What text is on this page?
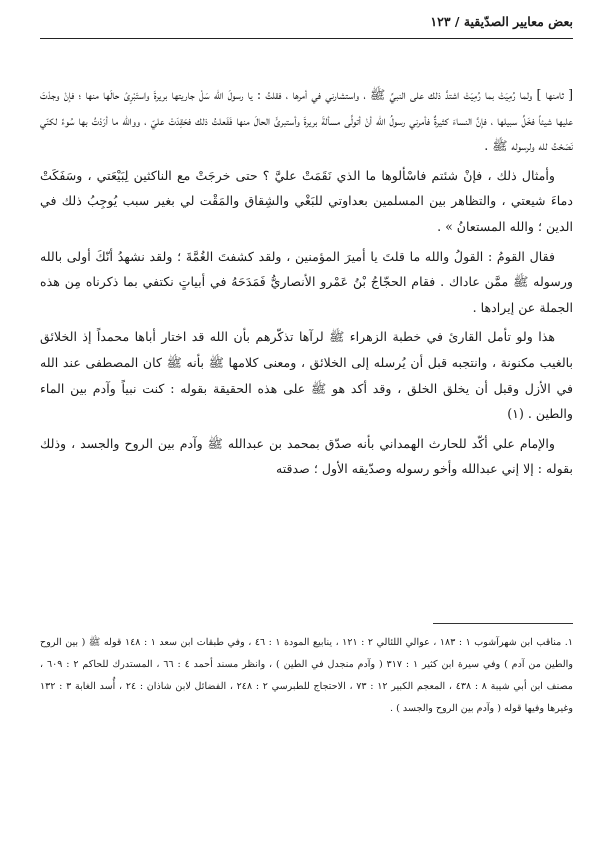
بعض معايير الصدّيقية / ١٢٣

[ ثامنها ] ولما رُمِيَتْ بما رُمِيَتْ اشتدَّ ذلك على النبيِّ ﷺ ، واستشارني في أمرها ، فقلتُ : يا رسولَ الله سَلْ جاريتها بريرةَ واستَبْرِئ حالَها منها ؛ فإنْ وجدْتَ عليها شيئاً فخَلِّ سبيلها ، فإنَّ النساءَ كثيرةٌ فأمرني رسولُ الله أنْ أتولَّى مسألةَ بريرةَ وأستبرئَ الحالَ منها فَفَعلتُ ذلك فحَقِدَتْ عليّ ، ووالله ما أرَدْتُ بها سُوءً لكنّي نَصَحْتُ لله ولرسوله ﷺ .

وأمثال ذلك ، فإنْ شئتم فاسْألوها ما الذي نَقَمَتْ عليَّ ؟ حتى خرجَتْ مع الناكثين لِبَيْعَتي ، وسَفَكَتْ دماءَ شيعتي ، والتظاهر بين المسلمين بعداوتي للبَغْي والشِقاق والمَقْت لي بغير سبب يُوجِبُ ذلك في الدين ؛ والله المستعانُ » .

فقال القومُ : القولُ والله ما قلتَ يا أميرَ المؤمنين ، ولقد كشفتَ الغُمَّةَ ؛ ولقد نشهدُ أنّكَ أولى بالله ورسوله ﷺ ممَّن عاداك . فقام الحجّاجُ بْنُ عَمْرو الأنصاريُّ فَمَدَحَهُ في أبياتٍ نكتفي بما ذكرناه مِن هذه الجملة عن إيرادها .

هذا ولو تأمل القارئ في خطبة الزهراء ﷺ لرآها تذكّرهم بأن الله قد اختار أباها محمداً إذ الخلائق بالغيب مكنونة ، وانتجبه قبل أن يُرسله إلى الخلائق ، ومعنى كلامها ﷺ بأنه ﷺ كان المصطفى عند الله في الأزل وقبل أن يخلق الخلق ، وقد أكد هو ﷺ على هذه الحقيقة بقوله : كنت نبياً وآدم بين الماء والطين . (١)

والإمام علي أكّد للحارث الهمداني بأنه صدّق بمحمد بن عبدالله ﷺ وآدم بين الروح والجسد ، وذلك بقوله : إلا إني عبدالله وأخو رسوله وصدّيقه الأول ؛ صدقته

١. مناقب ابن شهرآشوب ١ : ١٨٣ ، عوالي اللئالي ٢ : ١٢١ ، ينابيع المودة ١ : ٤٦ ، وفي طبقات ابن سعد ١ : ١٤٨ قوله ﷺ ( بين الروح والطين من آدم ) وفي سيرة ابن كثير ١ : ٣١٧ ( وآدم منجدل في الطين ) ، وانظر مسند أحمد ٤ : ٦٦ ، المستدرك للحاكم ٢ : ٦٠٩ ، مصنف ابن أبي شيبة ٨ : ٤٣٨ ، المعجم الكبير ١٢ : ٧٣ ، الاحتجاج للطبرسي ٢ : ٢٤٨ ، الفضائل لابن شاذان : ٢٤ ، أُسد الغابة ٣ : ١٣٢ وغيرها وفيها قوله ( وآدم بين الروح والجسد ) .
